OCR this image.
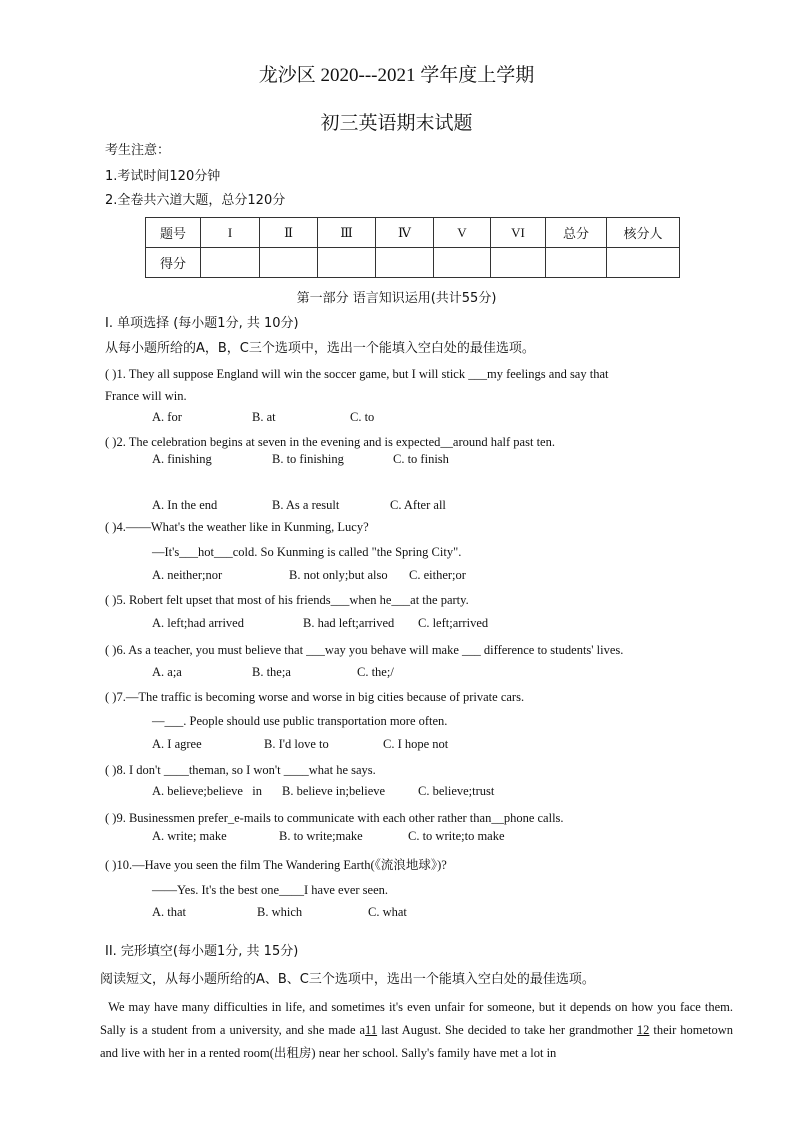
龙沙区 2020---2021 学年度上学期
初三英语期末试题
考生注意：
1.考试时间120分钟
2.全卷共六道大题，总分120分
题号	I	Ⅱ	Ⅲ	Ⅳ	V	VI	总分	核分人
得分								
第一部分 语言知识运用(共计55分)
I. 单项选择 (每小题1分, 共 10分)
从每小题所给的A，B，C三个选项中，选出一个能填入空白处的最佳选项。
( )1. They all suppose England will win the soccer game, but I will stick ___my feelings and say that
France will win.
A. for	B. at	C. to
( )2. The celebration begins at seven in the evening and is expected__around half past ten.
A. finishing	B. to finishing	C. to finish
A. In the end	B. As a result	C. After all
( )4.——What's the weather like in Kunming, Lucy?
—It's___hot___cold. So Kunming is called "the Spring City".
A. neither;nor	B. not only;but also C. either;or
( )5. Robert felt upset that most of his friends___when he___at the party.
A. left;had arrived	B. had left;arrived C. left;arrived
( )6. As a teacher, you must believe that ___way you behave will make ___ difference to students' lives.
A. a;a	B. the;a	C. the;/
( )7.—The traffic is becoming worse and worse in big cities because of private cars.
—___. People should use public transportation more often.
A. I agree	B. I'd love to	C. I hope not
( )8. I don't ____theman, so I won't ____what he says.
A. believe;believe   in B. believe in;believe	C. believe;trust
( )9. Businessmen prefer_e-mails to communicate with each other rather than__phone calls.
A. write; make	B. to write;make	C. to write;to make
( )10.—Have you seen the film The Wandering Earth(《流浪地球》)?
——Yes. It's the best one____I have ever seen.
A. that	B. which	C. what
II. 完形填空(每小题1分, 共 15分)
阅读短文，从每小题所给的A、B、C三个选项中，选出一个能填入空白处的最佳选项。
We may have many difficulties in life, and sometimes it's even unfair for someone, but it depends on how you face them. Sally is a student from a university, and she made a11 last August. She decided to take her grandmother 12 their hometown and live with her in a rented room(出租房) near her school. Sally's family have met a lot in
